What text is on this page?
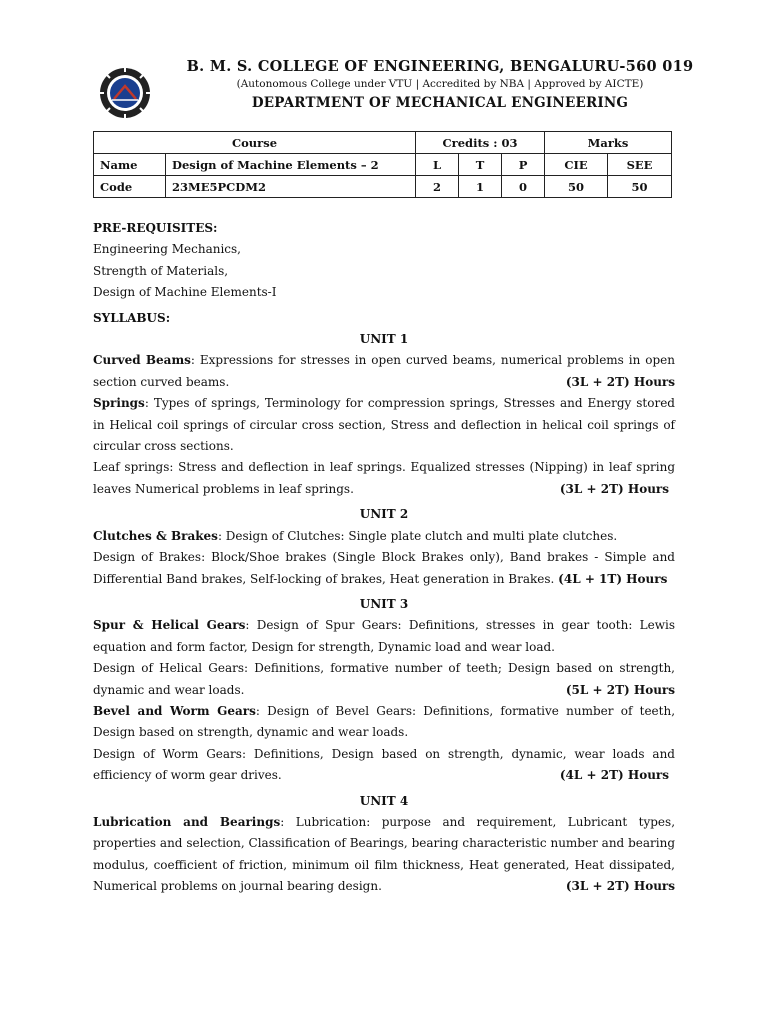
B. M. S. COLLEGE OF ENGINEERING, BENGALURU-560 019
(Autonomous College under VTU | Accredited by NBA | Approved by AICTE)
DEPARTMENT OF MECHANICAL ENGINEERING
Course		Credits : 03			Marks	
Name	Design of Machine Elements – 2	L	T	P	CIE	SEE
Code	23ME5PCDM2	2	1	0	50	50

PRE-REQUISITES:

Engineering Mechanics,

Strength of Materials,

Design of Machine Elements-I

SYLLABUS:

UNIT 1

Curved Beams: Expressions for stresses in open curved beams, numerical problems in open section curved beams.	(3L + 2T) Hours

Springs: Types of springs, Terminology for compression springs, Stresses and Energy stored in Helical coil springs of circular cross section, Stress and deflection in helical coil springs of circular cross sections.

Leaf springs: Stress and deflection in leaf springs. Equalized stresses (Nipping) in leaf spring leaves Numerical problems in leaf springs.	(3L + 2T) Hours

UNIT 2

Clutches & Brakes: Design of Clutches: Single plate clutch and multi plate clutches.

Design of Brakes: Block/Shoe brakes (Single Block Brakes only), Band brakes - Simple and Differential Band brakes, Self-locking of brakes, Heat generation in Brakes. (4L + 1T) Hours

UNIT 3

Spur & Helical Gears: Design of Spur Gears: Definitions, stresses in gear tooth: Lewis equation and form factor, Design for strength, Dynamic load and wear load.

Design of Helical Gears: Definitions, formative number of teeth; Design based on strength, dynamic and wear loads.	(5L + 2T) Hours

Bevel and Worm Gears: Design of Bevel Gears: Definitions, formative number of teeth, Design based on strength, dynamic and wear loads.

Design of Worm Gears: Definitions, Design based on strength, dynamic, wear loads and efficiency of worm gear drives.	(4L + 2T) Hours

UNIT 4

Lubrication and Bearings: Lubrication: purpose and requirement, Lubricant types, properties and selection, Classification of Bearings, bearing characteristic number and bearing modulus, coefficient of friction, minimum oil film thickness, Heat generated, Heat dissipated, Numerical problems on journal bearing design.	(3L + 2T) Hours
